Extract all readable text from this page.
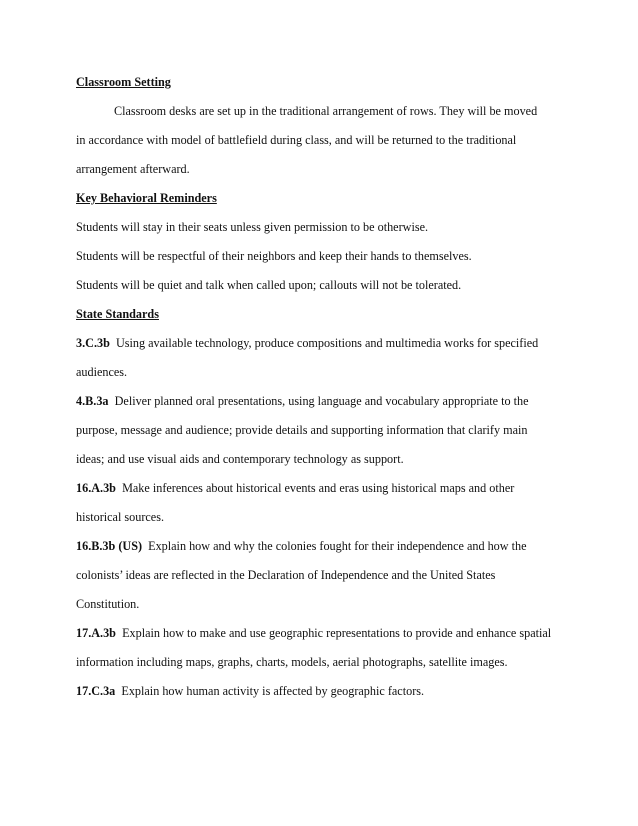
Classroom Setting

Classroom desks are set up in the traditional arrangement of rows. They will be moved

in accordance with model of battlefield during class, and will be returned to the traditional

arrangement afterward.

Key Behavioral Reminders

Students will stay in their seats unless given permission to be otherwise.

Students will be respectful of their neighbors and keep their hands to themselves.

Students will be quiet and talk when called upon; callouts will not be tolerated.

State Standards

3.C.3b Using available technology, produce compositions and multimedia works for specified

audiences.

4.B.3a Deliver planned oral presentations, using language and vocabulary appropriate to the

purpose, message and audience; provide details and supporting information that clarify main

ideas; and use visual aids and contemporary technology as support.

16.A.3b Make inferences about historical events and eras using historical maps and other

historical sources.

16.B.3b (US) Explain how and why the colonies fought for their independence and how the

colonists’ ideas are reflected in the Declaration of Independence and the United States

Constitution.

17.A.3b Explain how to make and use geographic representations to provide and enhance spatial

information including maps, graphs, charts, models, aerial photographs, satellite images.

17.C.3a Explain how human activity is affected by geographic factors.
